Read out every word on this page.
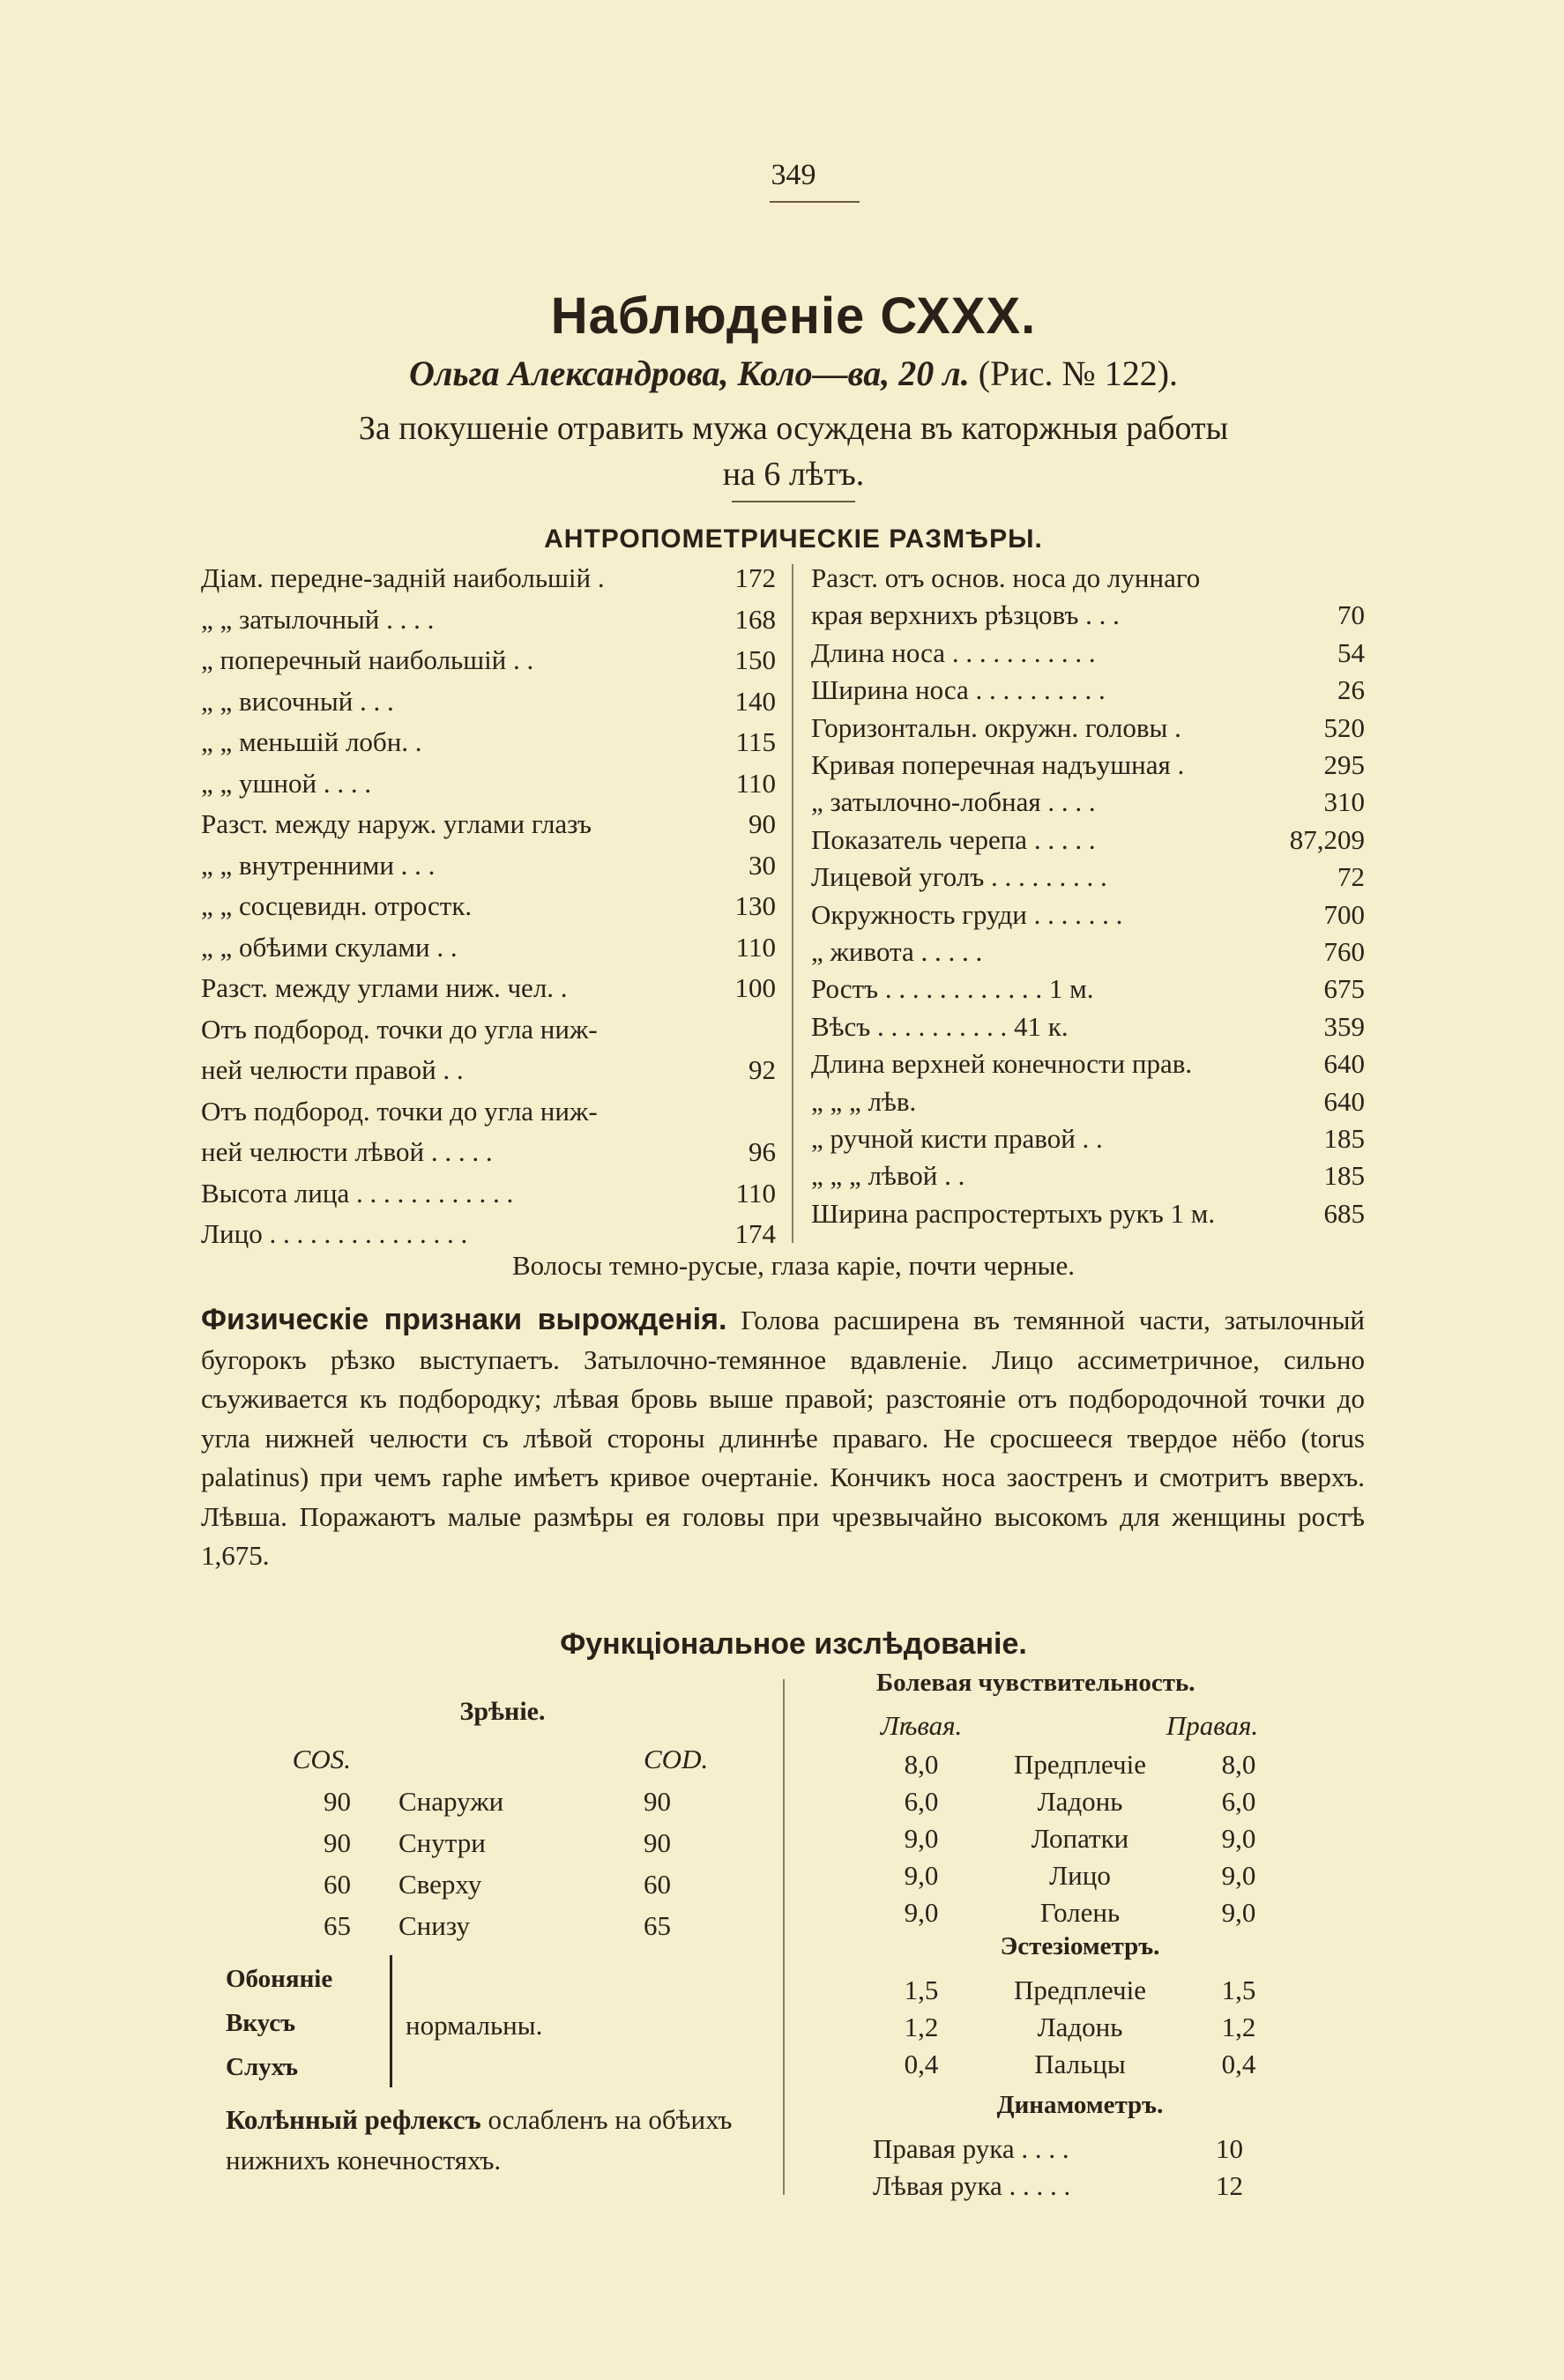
349
Наблюденіе СХХХ.
Ольга Александрова, Коло—ва, 20 л. (Рис. № 122).
За покушеніе отравить мужа осуждена въ каторжныя работы
на 6 лѣтъ.
АНТРОПОМЕТРИЧЕСКІЕ РАЗМѢРЫ.
Діам. передне-задній наибольшій .	172
„ „ затылочный . . . .	168
„ поперечный наибольшій . .	150
„ „ височный . . .	140
„ „ меньшій лобн. .	115
„ „ ушной . . . .	110
Разст. между наруж. углами глазъ	90
„ „ внутренними . . .	30
„ „ сосцевидн. отростк.	130
„ „ обѣими скулами . .	110
Разст. между углами ниж. чел. .	100
Отъ подбород. точки до угла ниж-
ней челюсти правой . .	92
Отъ подбород. точки до угла ниж-
ней челюсти лѣвой . . . . .	96
Высота лица . . . . . . . . . . . .	110
Лицо . . . . . . . . . . . . . . .	174
Разст. отъ основ. носа до луннаго
края верхнихъ рѣзцовъ . . .	70
Длина носа . . . . . . . . . . .	54
Ширина носа . . . . . . . . . .	26
Горизонтальн. окружн. головы .	520
Кривая поперечная надъушная .	295
„ затылочно-лобная . . . .	310
Показатель черепа . . . . .	87,209
Лицевой уголъ . . . . . . . . .	72
Окружность груди . . . . . . .	700
„ живота . . . . .	760
Ростъ . . . . . . . . . . . . 1 м.	675
Вѣсъ . . . . . . . . . . 41 к.	359
Длина верхней конечности прав.	640
„ „ „ лѣв.	640
„ ручной кисти правой . .	185
„ „ „ лѣвой . .	185
Ширина распростертыхъ рукъ 1 м.	685
Волосы темно-русые, глаза каріе, почти черные.
Физическіе признаки вырожденія. Голова расширена въ темянной части, затылочный бугорокъ рѣзко выступаетъ. Затылочно-темянное вдавленіе. Лицо ассиметричное, сильно съуживается къ подбородку; лѣвая бровь выше правой; разстояніе отъ подбородочной точки до угла нижней челюсти съ лѣвой стороны длиннѣе праваго. Не сросшееся твердое нёбо (torus palatinus) при чемъ raphe имѣетъ кривое очертаніе. Кончикъ носа заостренъ и смотритъ вверхъ. Лѣвша. Поражаютъ малые размѣры ея головы при чрезвычайно высокомъ для женщины ростѣ 1,675.
Функціональное изслѣдованіе.
Зрѣніе.
COS.	COD.
90 Снаружи	90
90 Снутри	90
60 Сверху	60
65 Снизу	65
Обоняніе
Вкусъ
Слухъ
нормальны.
Колѣнный рефлексъ ослабленъ на обѣихъ нижнихъ конечностяхъ.
Болевая чувствительность.
Лѣвая.	Правая.
8,0	Предплечіе	8,0
6,0	Ладонь	6,0
9,0	Лопатки	9,0
9,0	Лицо	9,0
9,0	Голень	9,0
Эстезіометръ.
1,5	Предплечіе	1,5
1,2	Ладонь	1,2
0,4	Пальцы	0,4
Динамометръ.
Правая рука . . . .	10
Лѣвая рука . . . . .	12
